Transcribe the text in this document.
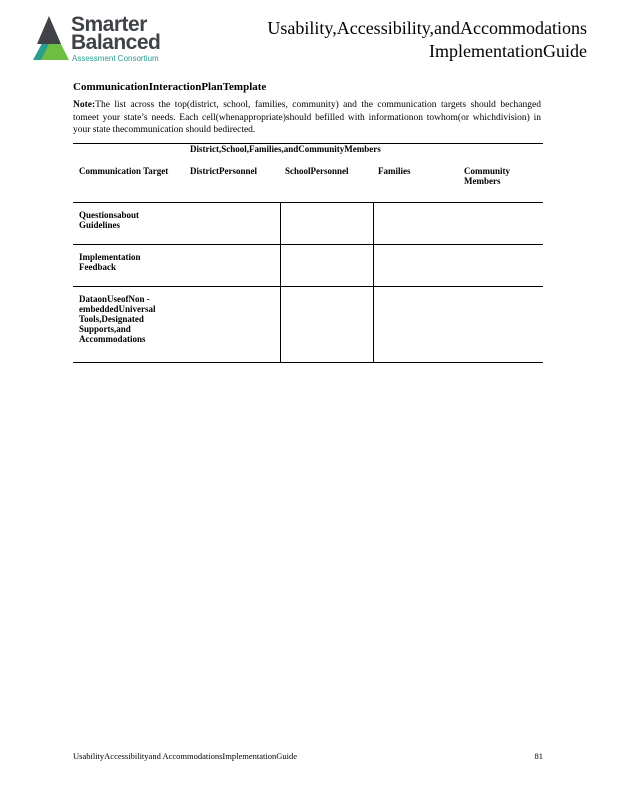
Smarter
Balanced
Assessment Consortium
Usability,Accessibility,andAccommodations
ImplementationGuide
CommunicationInteractionPlanTemplate
Note:The list across the top(district, school, families, community) and the communication targets should bechanged tomeet your state’s needs. Each cell(whenappropriate)should befilled with informationon towhom(or whichdivision) in your state thecommunication should bedirected.
	District,School,Families,andCommunityMembers			
Communication Target	DistrictPersonnel	SchoolPersonnel	Families	Community Members
Questionsabout Guidelines				
Implementation Feedback				
DataonUseofNon - embeddedUniversal Tools,Designated Supports,and Accommodations				
UsabilityAccessibilityand AccommodationsImplementationGuide	81
